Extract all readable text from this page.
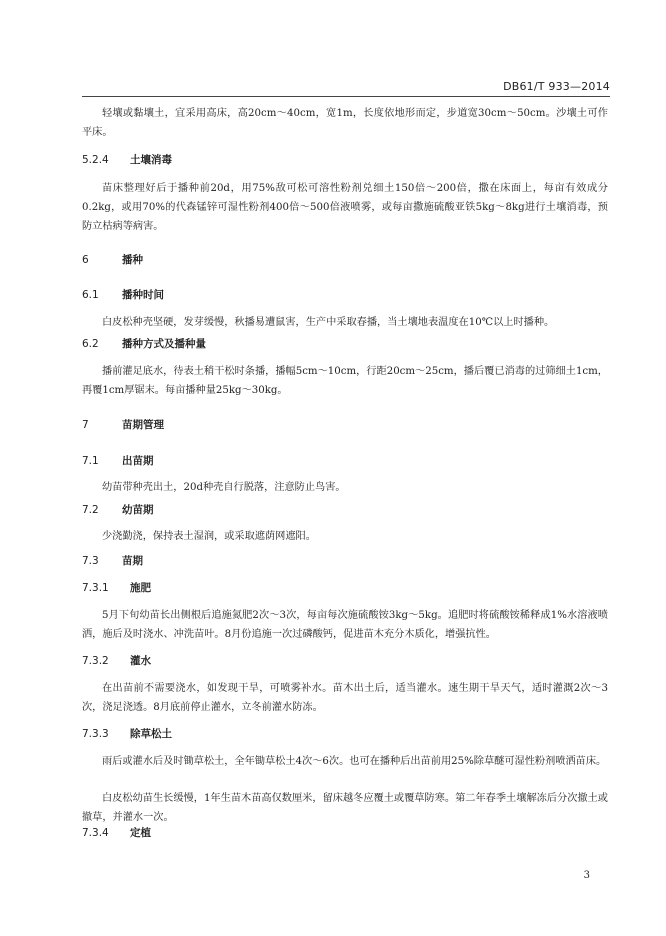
DB61/T 933—2014
轻壤或黏壤土，宜采用高床，高20cm～40cm，宽1m，长度依地形而定，步道宽30cm～50cm。沙壤土可作平床。
5.2.4 土壤消毒
苗床整理好后于播种前20d，用75%敌可松可溶性粉剂兑细土150倍～200倍，撒在床面上，每亩有效成分0.2kg，或用70%的代森锰锌可湿性粉剂400倍～500倍液喷雾，或每亩撒施硫酸亚铁5kg～8kg进行土壤消毒，预防立枯病等病害。
6	播种
6.1 播种时间
白皮松种壳坚硬，发芽缓慢，秋播易遭鼠害，生产中采取春播，当土壤地表温度在10℃以上时播种。
6.2 播种方式及播种量
播前灌足底水，待表土稍干松时条播，播幅5cm～10cm，行距20cm～25cm，播后覆已消毒的过筛细土1cm，再覆1cm厚锯末。每亩播种量25kg～30kg。
7	苗期管理
7.1 出苗期
幼苗带种壳出土，20d种壳自行脱落，注意防止鸟害。
7.2 幼苗期
少浇勤浇，保持表土湿润，或采取遮荫网遮阳。
7.3 苗期
7.3.1 施肥
5月下旬幼苗长出侧根后追施氮肥2次～3次，每亩每次施硫酸铵3kg～5kg。追肥时将硫酸铵稀释成1%水溶液喷洒，施后及时浇水、冲洗苗叶。8月份追施一次过磷酸钙，促进苗木充分木质化，增强抗性。
7.3.2 灌水
在出苗前不需要浇水，如发现干旱，可喷雾补水。苗木出土后，适当灌水。速生期干旱天气，适时灌溉2次～3次，浇足浇透。8月底前停止灌水，立冬前灌水防冻。
7.3.3 除草松土
雨后或灌水后及时锄草松土，全年锄草松土4次～6次。也可在播种后出苗前用25%除草醚可湿性粉剂喷洒苗床。
白皮松幼苗生长缓慢，1年生苗木苗高仅数厘米，留床越冬应覆土或覆草防寒。第二年春季土壤解冻后分次撤土或撤草，并灌水一次。
7.3.4 定植
3
